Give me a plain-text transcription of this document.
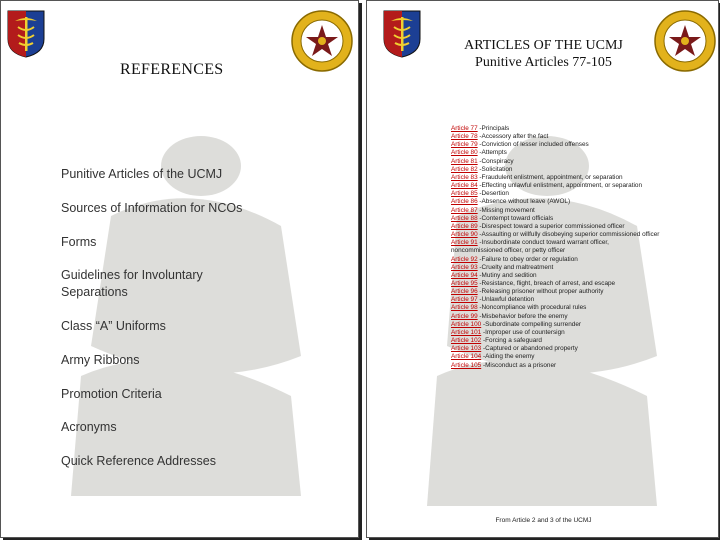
REFERENCES
Punitive Articles of the UCMJ
Sources of Information for NCOs
Forms
Guidelines for Involuntary
Separations
Class “A” Uniforms
Army Ribbons
Promotion Criteria
Acronyms
Quick Reference Addresses
ARTICLES OF THE UCMJ
Punitive Articles 77-105
Article 77 -Principals
Article 78 -Accessory after the fact
Article 79 -Conviction of lesser included offenses
Article 80 -Attempts
Article 81 -Conspiracy
Article 82 -Solicitation
Article 83 -Fraudulent enlistment, appointment, or separation
Article 84 -Effecting unlawful enlistment, appointment, or separation
Article 85 -Desertion
Article 86 -Absence without leave (AWOL)
Article 87 -Missing movement
Article 88 -Contempt toward officials
Article 89 -Disrespect toward a superior commissioned officer
Article 90 -Assaulting or willfully disobeying superior commissioned officer
Article 91 -Insubordinate conduct toward warrant officer, noncommissioned officer, or petty officer
Article 92 -Failure to obey order or regulation
Article 93 -Cruelty and maltreatment
Article 94 -Mutiny and sedition
Article 95 -Resistance, flight, breach of arrest, and escape
Article 96 -Releasing prisoner without proper authority
Article 97 -Unlawful detention
Article 98 -Noncompliance with procedural rules
Article 99 -Misbehavior before the enemy
Article 100 -Subordinate compelling surrender
Article 101 -Improper use of countersign
Article 102 -Forcing a safeguard
Article 103 -Captured or abandoned property
Article 104 -Aiding the enemy
Article 105 -Misconduct as a prisoner
From Article 2 and 3 of the UCMJ
